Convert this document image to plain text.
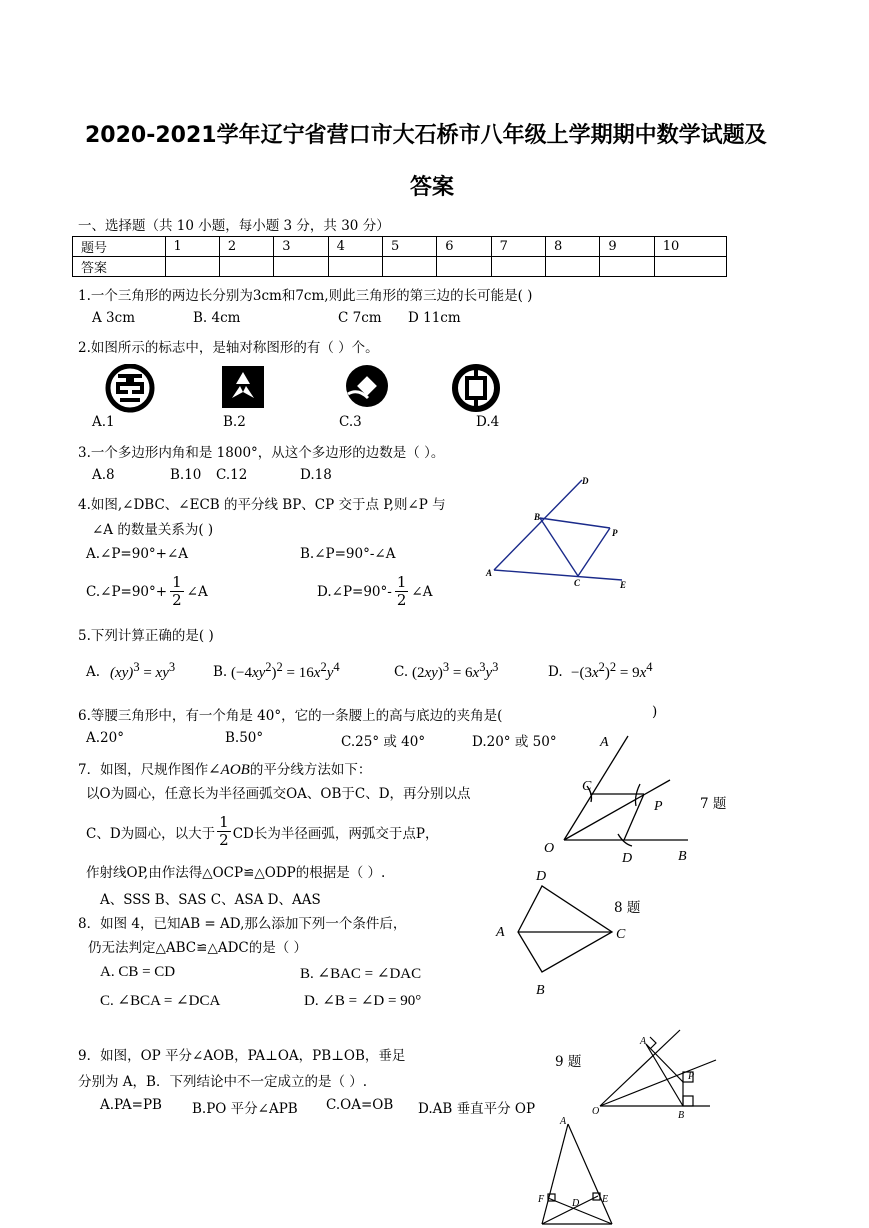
2020-2021学年辽宁省营口市大石桥市八年级上学期期中数学试题及
答案
一、选择题（共 10 小题，每小题 3 分，共 30 分）
题号	1	2	3	4	5	6	7	8	9	10
答案										
1.一个三角形的两边长分别为3cm和7cm,则此三角形的第三边的长可能是( )
A 3cm	B. 4cm	C 7cm D 11cm
2.如图所示的标志中，是轴对称图形的有（ ）个。
A.1	B.2	C.3	D.4
3.一个多边形内角和是 1800°，从这个多边形的边数是（ ）。
A.8	B.10 C.12	D.18
4.如图,∠DBC、∠ECB 的平分线 BP、CP 交于点 P,则∠P 与
∠A 的数量关系为( )
A.∠P=90°+∠A	B.∠P=90°-∠A
C.∠P=90°+ $\frac{1}{2}$ ∠A	D.∠P=90°- $\frac{1}{2}$ ∠A
D
B
P
A
C	E
5.下列计算正确的是( )
A. $(xy)^3 = xy^3$	B. $(-4xy^2)^2 = 16x^2y^4$	C. $(2xy)^3 = 6x^3y^3$	D. $-(3x^2)^2 = 9x^4$
6.等腰三角形中，有一个角是 40°，它的一条腰上的高与底边的夹角是(	)
A.20°	B.50°	C.25° 或 40°	D.20° 或 50°
7．如图，尺规作图作∠AOB的平分线方法如下：
以O为圆心，任意长为半径画弧交OA、OB于C、D，再分别以点
C、D为圆心，以大于 $\frac{1}{2}$ CD长为半径画弧，两弧交于点P，
作射线OP,由作法得△OCP≌△ODP的根据是（ ）.
A、SSS B、SAS C、ASA D、AAS
A
C
P
O
D	B
7 题
8．如图 4，已知AB = AD,那么添加下列一个条件后，
仍无法判定△ABC≌△ADC的是（ ）
A. CB = CD	B. ∠BAC = ∠DAC
C. ∠BCA = ∠DCA	D. ∠B = ∠D = 90°
D
A	C
B
8 题
9．如图，OP 平分∠AOB，PA⊥OA，PB⊥OB，垂足
分别为 A，B．下列结论中不一定成立的是（ ）.
A.PA=PB B.PO 平分∠APB C.OA=OB D.AB 垂直平分 OP
9 题
A
P
O	B
A
F	D E
